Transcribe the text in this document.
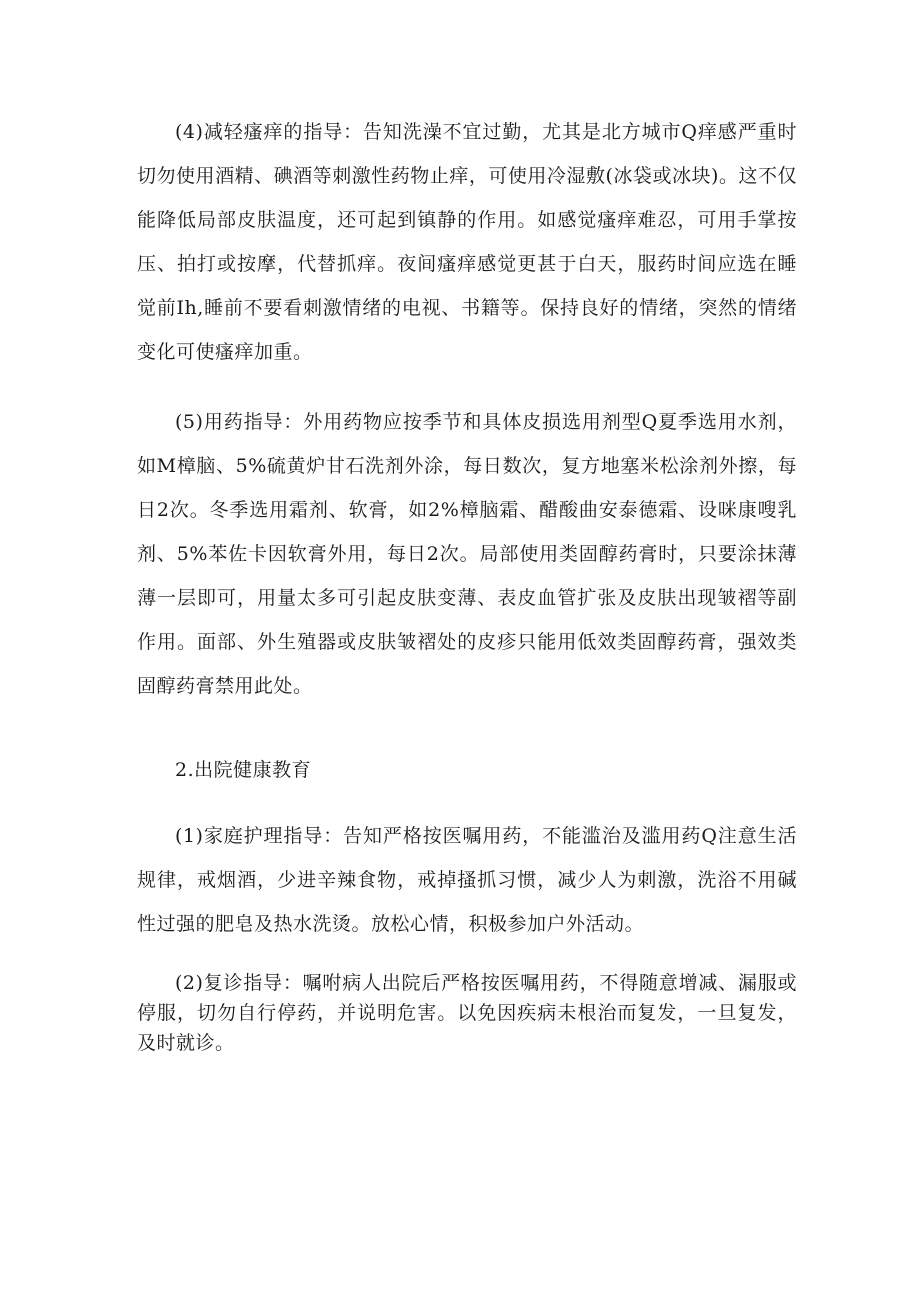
(4)减轻瘙痒的指导：告知洗澡不宜过勤，尤其是北方城市Q痒感严重时切勿使用酒精、碘酒等刺激性药物止痒，可使用冷湿敷(冰袋或冰块)。这不仅能降低局部皮肤温度，还可起到镇静的作用。如感觉瘙痒难忍，可用手掌按压、拍打或按摩，代替抓痒。夜间瘙痒感觉更甚于白天，服药时间应选在睡觉前Ih,睡前不要看刺激情绪的电视、书籍等。保持良好的情绪，突然的情绪变化可使瘙痒加重。

(5)用药指导：外用药物应按季节和具体皮损选用剂型Q夏季选用水剂，如M樟脑、5%硫黄炉甘石洗剂外涂，每日数次，复方地塞米松涂剂外擦，每日2次。冬季选用霜剂、软膏，如2%樟脑霜、醋酸曲安泰德霜、设咪康嗖乳剂、5%苯佐卡因软膏外用，每日2次。局部使用类固醇药膏时，只要涂抹薄薄一层即可，用量太多可引起皮肤变薄、表皮血管扩张及皮肤出现皱褶等副作用。面部、外生殖器或皮肤皱褶处的皮疹只能用低效类固醇药膏，强效类固醇药膏禁用此处。

2.出院健康教育

(1)家庭护理指导：告知严格按医嘱用药，不能滥治及滥用药Q注意生活规律，戒烟酒，少进辛辣食物，戒掉搔抓习惯，减少人为刺激，洗浴不用碱性过强的肥皂及热水洗烫。放松心情，积极参加户外活动。

(2)复诊指导：嘱咐病人出院后严格按医嘱用药，不得随意增减、漏服或停服，切勿自行停药，并说明危害。以免因疾病未根治而复发，一旦复发，及时就诊。
